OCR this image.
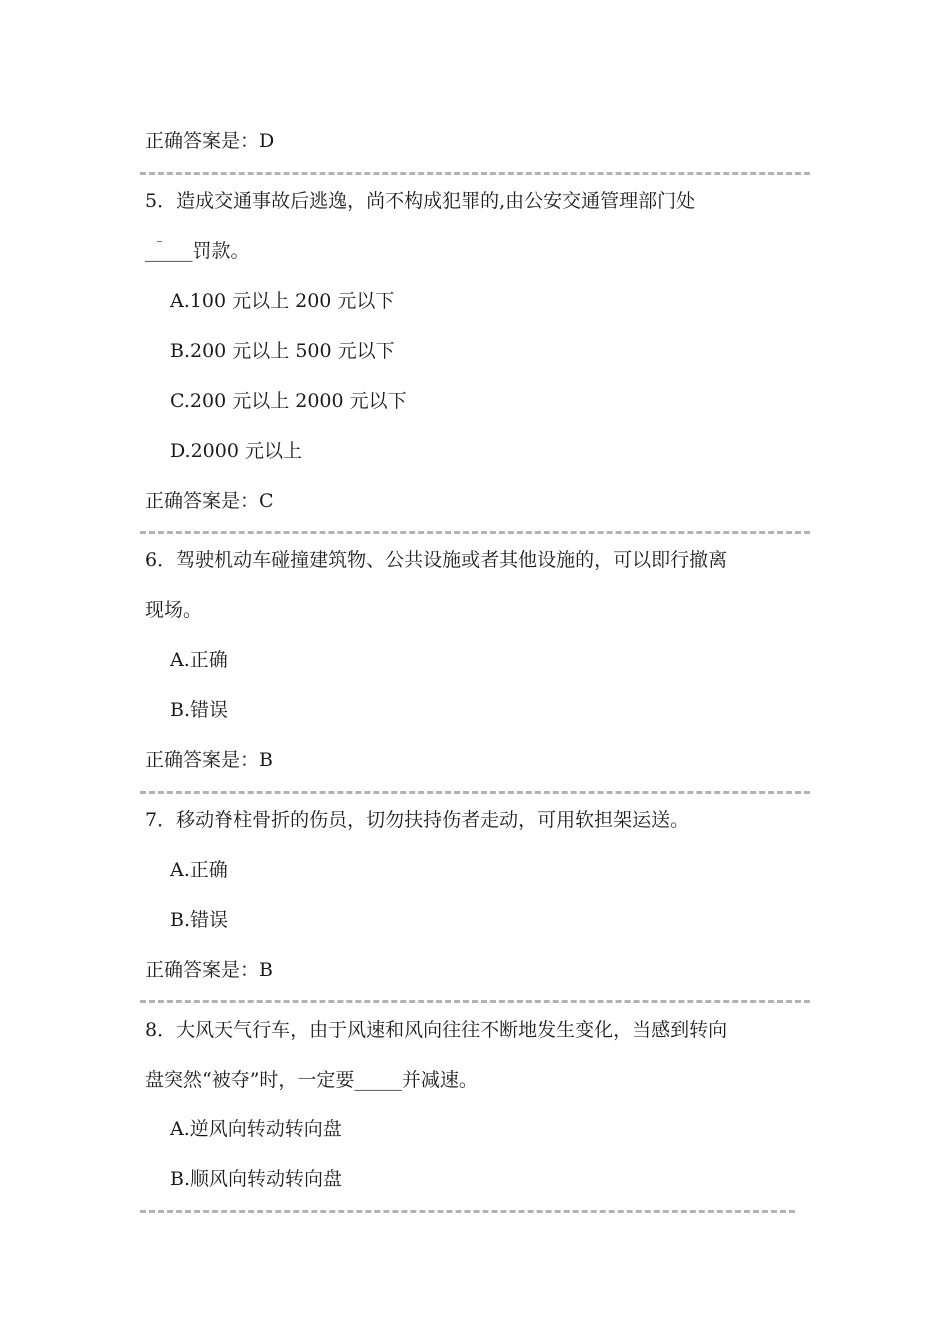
正确答案是：D
5．造成交通事故后逃逸，尚不构成犯罪的,由公安交通管理部门处
_____罚款。
A.100 元以上 200 元以下
B.200 元以上 500 元以下
C.200 元以上 2000 元以下
D.2000 元以上
正确答案是：C
6．驾驶机动车碰撞建筑物、公共设施或者其他设施的，可以即行撤离
现场。
A.正确
B.错误
正确答案是：B
7．移动脊柱骨折的伤员，切勿扶持伤者走动，可用软担架运送。
A.正确
B.错误
正确答案是：B
8．大风天气行车，由于风速和风向往往不断地发生变化，当感到转向
盘突然“被夺”时，一定要_____并减速。
A.逆风向转动转向盘
B.顺风向转动转向盘
